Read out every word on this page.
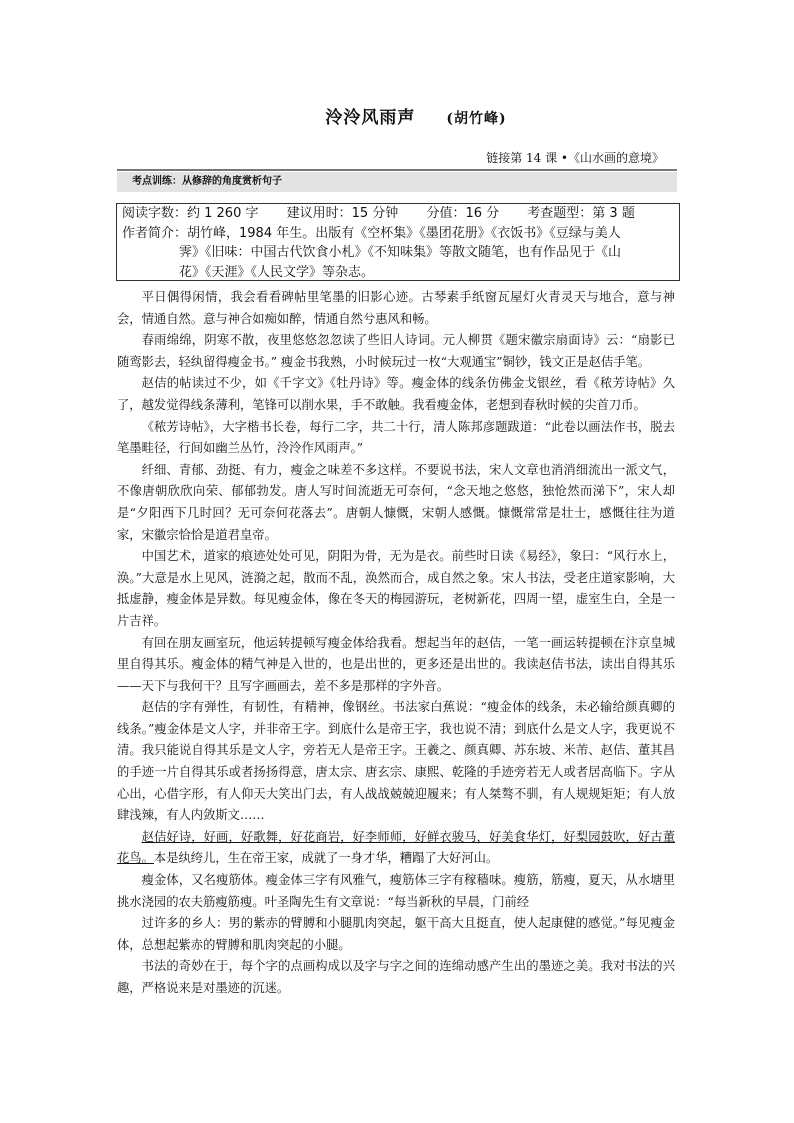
泠泠风雨声 (胡竹峰)
链接第 14 课 •《山水画的意境》
考点训练：从修辞的角度赏析句子
阅读字数：约 1 260 字 建议用时：15 分钟 分值：16 分 考查题型：第 3 题
作者简介：胡竹峰，1984 年生。出版有《空杯集》《墨团花册》《衣饭书》《豆绿与美人
霁》《旧味：中国古代饮食小札》《不知味集》等散文随笔，也有作品见于《山
花》《天涯》《人民文学》等杂志。

平日偶得闲情，我会看看碑帖里笔墨的旧影心迹。古琴素手纸窗瓦屋灯火青灵天与地合，意与神会，情通自然。意与神合如痴如醉，情通自然兮惠风和畅。

春雨绵绵，阴寒不散，夜里悠悠忽忽读了些旧人诗词。元人柳贯《题宋徽宗扇面诗》云：“扇影已随鸾影去，轻纨留得瘦金书。” 瘦金书我熟，小时候玩过一枚“大观通宝”铜钞，钱文正是赵佶手笔。

赵佶的帖读过不少，如《千字文》《牡丹诗》等。瘦金体的线条仿佛金戈银丝，看《秾芳诗帖》久了，越发觉得线条薄利，笔锋可以削水果，手不敢触。我看瘦金体，老想到春秋时候的尖首刀币。

《秾芳诗帖》，大字楷书长卷，每行二字，共二十行，清人陈邦彦题跋道：“此卷以画法作书，脱去笔墨畦径，行间如幽兰丛竹，泠泠作风雨声。”

纤细、青郁、劲挺、有力，瘦金之味差不多这样。不要说书法，宋人文章也消消细流出一派文气，不像唐朝欣欣向荣、郁郁勃发。唐人写时间流逝无可奈何，“念天地之悠悠，独怆然而涕下”，宋人却是“夕阳西下几时回？无可奈何花落去”。唐朝人慷慨，宋朝人感慨。慷慨常常是壮士，感慨往往为道家，宋徽宗恰恰是道君皇帝。

中国艺术，道家的痕迹处处可见，阴阳为骨，无为是衣。前些时日读《易经》，象曰：“风行水上，涣。”大意是水上见风，涟漪之起，散而不乱，涣然而合，成自然之象。宋人书法，受老庄道家影响，大抵虚静，瘦金体是异数。每见瘦金体，像在冬天的梅园游玩，老树新花，四周一望，虚室生白，全是一片吉祥。

有回在朋友画室玩，他运转提顿写瘦金体给我看。想起当年的赵佶，一笔一画运转提顿在汴京皇城里自得其乐。瘦金体的精气神是入世的，也是出世的，更多还是出世的。我读赵佶书法，读出自得其乐——天下与我何干？且写字画画去，差不多是那样的字外音。

赵佶的字有弹性，有韧性，有精神，像钢丝。书法家白蕉说：“瘦金体的线条，未必输给颜真卿的线条。”瘦金体是文人字，并非帝王字。到底什么是帝王字，我也说不清；到底什么是文人字，我更说不清。我只能说自得其乐是文人字，旁若无人是帝王字。王羲之、颜真卿、苏东坡、米芾、赵佶、董其昌的手迹一片自得其乐或者扬扬得意，唐太宗、唐玄宗、康熙、乾隆的手迹旁若无人或者居高临下。字从心出，心借字形，有人仰天大笑出门去，有人战战兢兢迎履来；有人桀骜不驯，有人规规矩矩；有人放肆浅辣，有人内敛斯文……

赵佶好诗，好画，好歌舞，好花商岩，好李师师，好鲜衣骏马，好美食华灯，好梨园鼓吹，好古董花鸟。本是纨绔儿，生在帝王家，成就了一身才华，糟蹋了大好河山。

瘦金体，又名瘦筋体。瘦金体三字有风雅气，瘦筋体三字有稼穑味。瘦筋，筋瘦，夏天，从水塘里挑水浇园的农夫筋瘦筋瘦。叶圣陶先生有文章说：“每当新秋的早晨，门前经

过许多的乡人：男的紫赤的臂膊和小腿肌肉突起，躯干高大且挺直，使人起康健的感觉。”每见瘦金体，总想起紫赤的臂膊和肌肉突起的小腿。

书法的奇妙在于，每个字的点画构成以及字与字之间的连绵动感产生出的墨迹之美。我对书法的兴趣，严格说来是对墨迹的沉迷。
